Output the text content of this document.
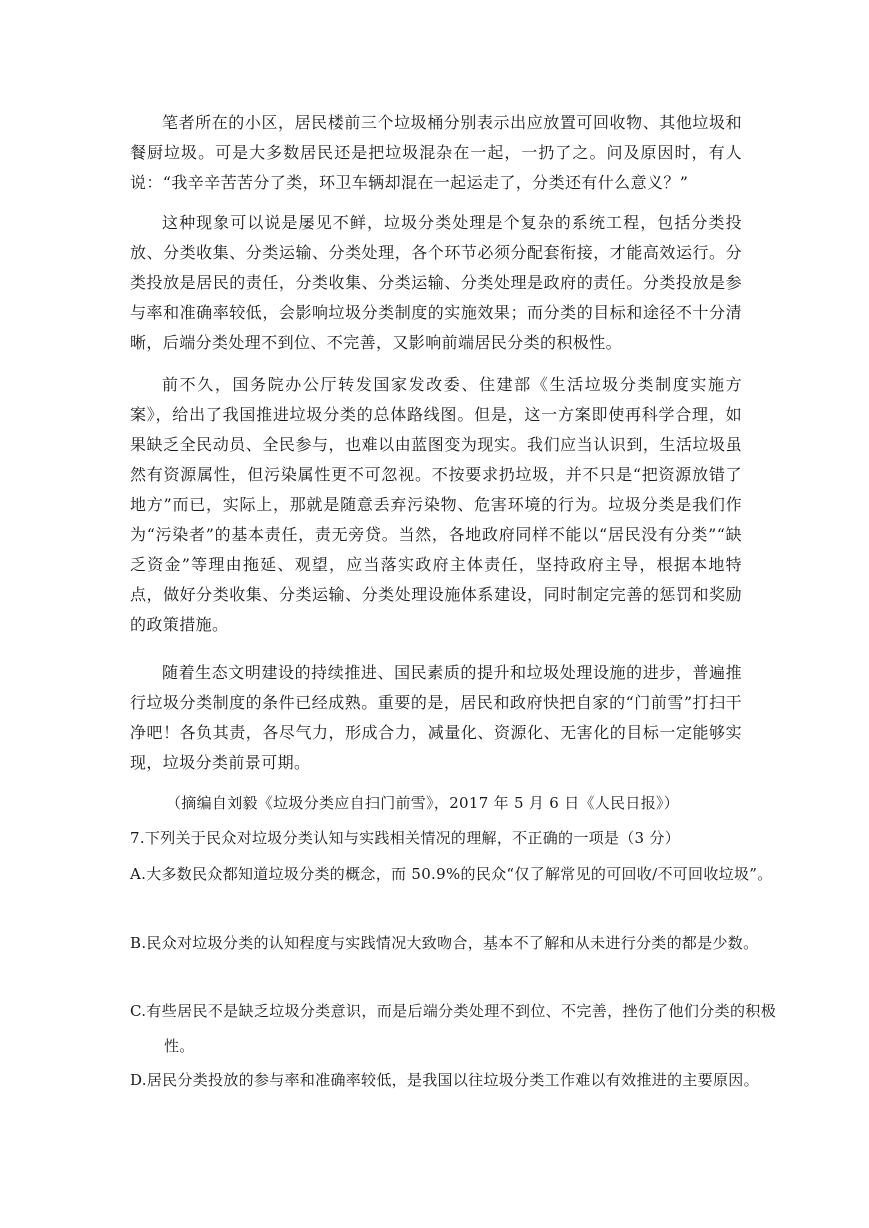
笔者所在的小区，居民楼前三个垃圾桶分别表示出应放置可回收物、其他垃圾和餐厨垃圾。可是大多数居民还是把垃圾混杂在一起，一扔了之。问及原因时，有人说：“我辛辛苦苦分了类，环卫车辆却混在一起运走了，分类还有什么意义？”

这种现象可以说是屡见不鲜，垃圾分类处理是个复杂的系统工程，包括分类投放、分类收集、分类运输、分类处理，各个环节必须分配套衔接，才能高效运行。分类投放是居民的责任，分类收集、分类运输、分类处理是政府的责任。分类投放是参与率和准确率较低，会影响垃圾分类制度的实施效果；而分类的目标和途径不十分清晰，后端分类处理不到位、不完善，又影响前端居民分类的积极性。

前不久，国务院办公厅转发国家发改委、住建部《生活垃圾分类制度实施方案》，给出了我国推进垃圾分类的总体路线图。但是，这一方案即使再科学合理，如果缺乏全民动员、全民参与，也难以由蓝图变为现实。我们应当认识到，生活垃圾虽然有资源属性，但污染属性更不可忽视。不按要求扔垃圾，并不只是“把资源放错了地方”而已，实际上，那就是随意丢弃污染物、危害环境的行为。垃圾分类是我们作为“污染者”的基本责任，责无旁贷。当然，各地政府同样不能以“居民没有分类”“缺乏资金”等理由拖延、观望，应当落实政府主体责任，坚持政府主导，根据本地特点，做好分类收集、分类运输、分类处理设施体系建设，同时制定完善的惩罚和奖励的政策措施。

随着生态文明建设的持续推进、国民素质的提升和垃圾处理设施的进步，普遍推行垃圾分类制度的条件已经成熟。重要的是，居民和政府快把自家的“门前雪”打扫干净吧！各负其责，各尽气力，形成合力，减量化、资源化、无害化的目标一定能够实现，垃圾分类前景可期。

（摘编自刘毅《垃圾分类应自扫门前雪》，2017 年 5 月 6 日《人民日报》）

7.下列关于民众对垃圾分类认知与实践相关情况的理解，不正确的一项是（3 分）

A.大多数民众都知道垃圾分类的概念，而 50.9%的民众“仅了解常见的可回收/不可回收垃圾”。

B.民众对垃圾分类的认知程度与实践情况大致吻合，基本不了解和从未进行分类的都是少数。

C.有些居民不是缺乏垃圾分类意识，而是后端分类处理不到位、不完善，挫伤了他们分类的积极性。

D.居民分类投放的参与率和准确率较低，是我国以往垃圾分类工作难以有效推进的主要原因。
